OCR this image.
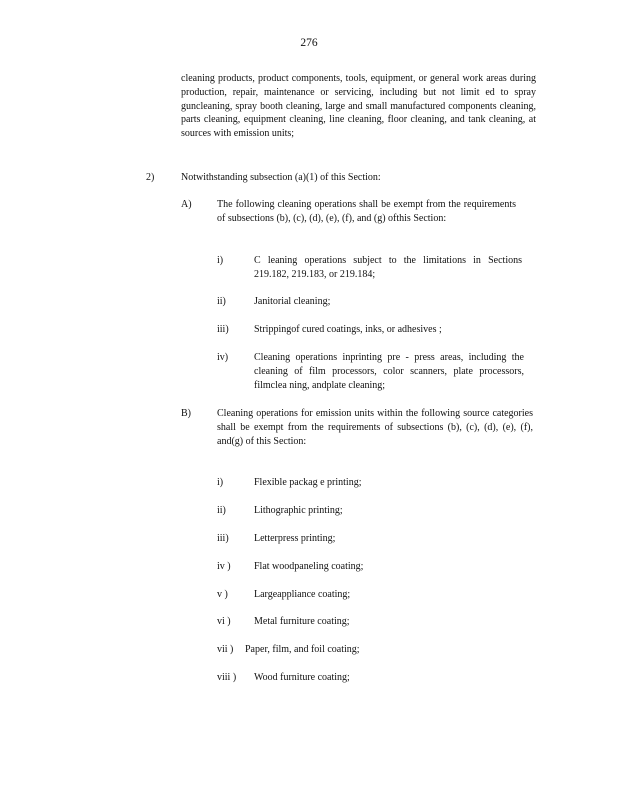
276
cleaning products, product components, tools, equipment, or general work areas during production, repair, maintenance or servicing, including but not limit ed to spray guncleaning, spray booth cleaning, large and small manufactured components cleaning, parts cleaning, equipment cleaning, line cleaning, floor cleaning, and tank cleaning, at sources with emission units;
2)	Notwithstanding subsection (a)(1) of this Section:
A)	The following cleaning operations shall be exempt from the requirements of subsections (b), (c), (d), (e), (f), and (g) ofthis Section:
i)	C leaning operations subject to the limitations in Sections 219.182, 219.183, or 219.184;
ii)	Janitorial cleaning;
iii)	Strippingof cured coatings, inks, or adhesives ;
iv)	Cleaning operations inprinting pre - press areas, including the cleaning of film processors, color scanners, plate processors, filmclea ning, andplate cleaning;
B)	Cleaning operations for emission units within the following source categories shall be exempt from the requirements of subsections (b), (c), (d), (e), (f), and(g) of this Section:
i)	Flexible packag e printing;
ii)	Lithographic printing;
iii)	Letterpress printing;
iv ) Flat woodpaneling coating;
v )	Largeappliance coating;
vi ) Metal furniture coating;
vii ) Paper, film, and foil coating;
viii ) Wood furniture coating;
